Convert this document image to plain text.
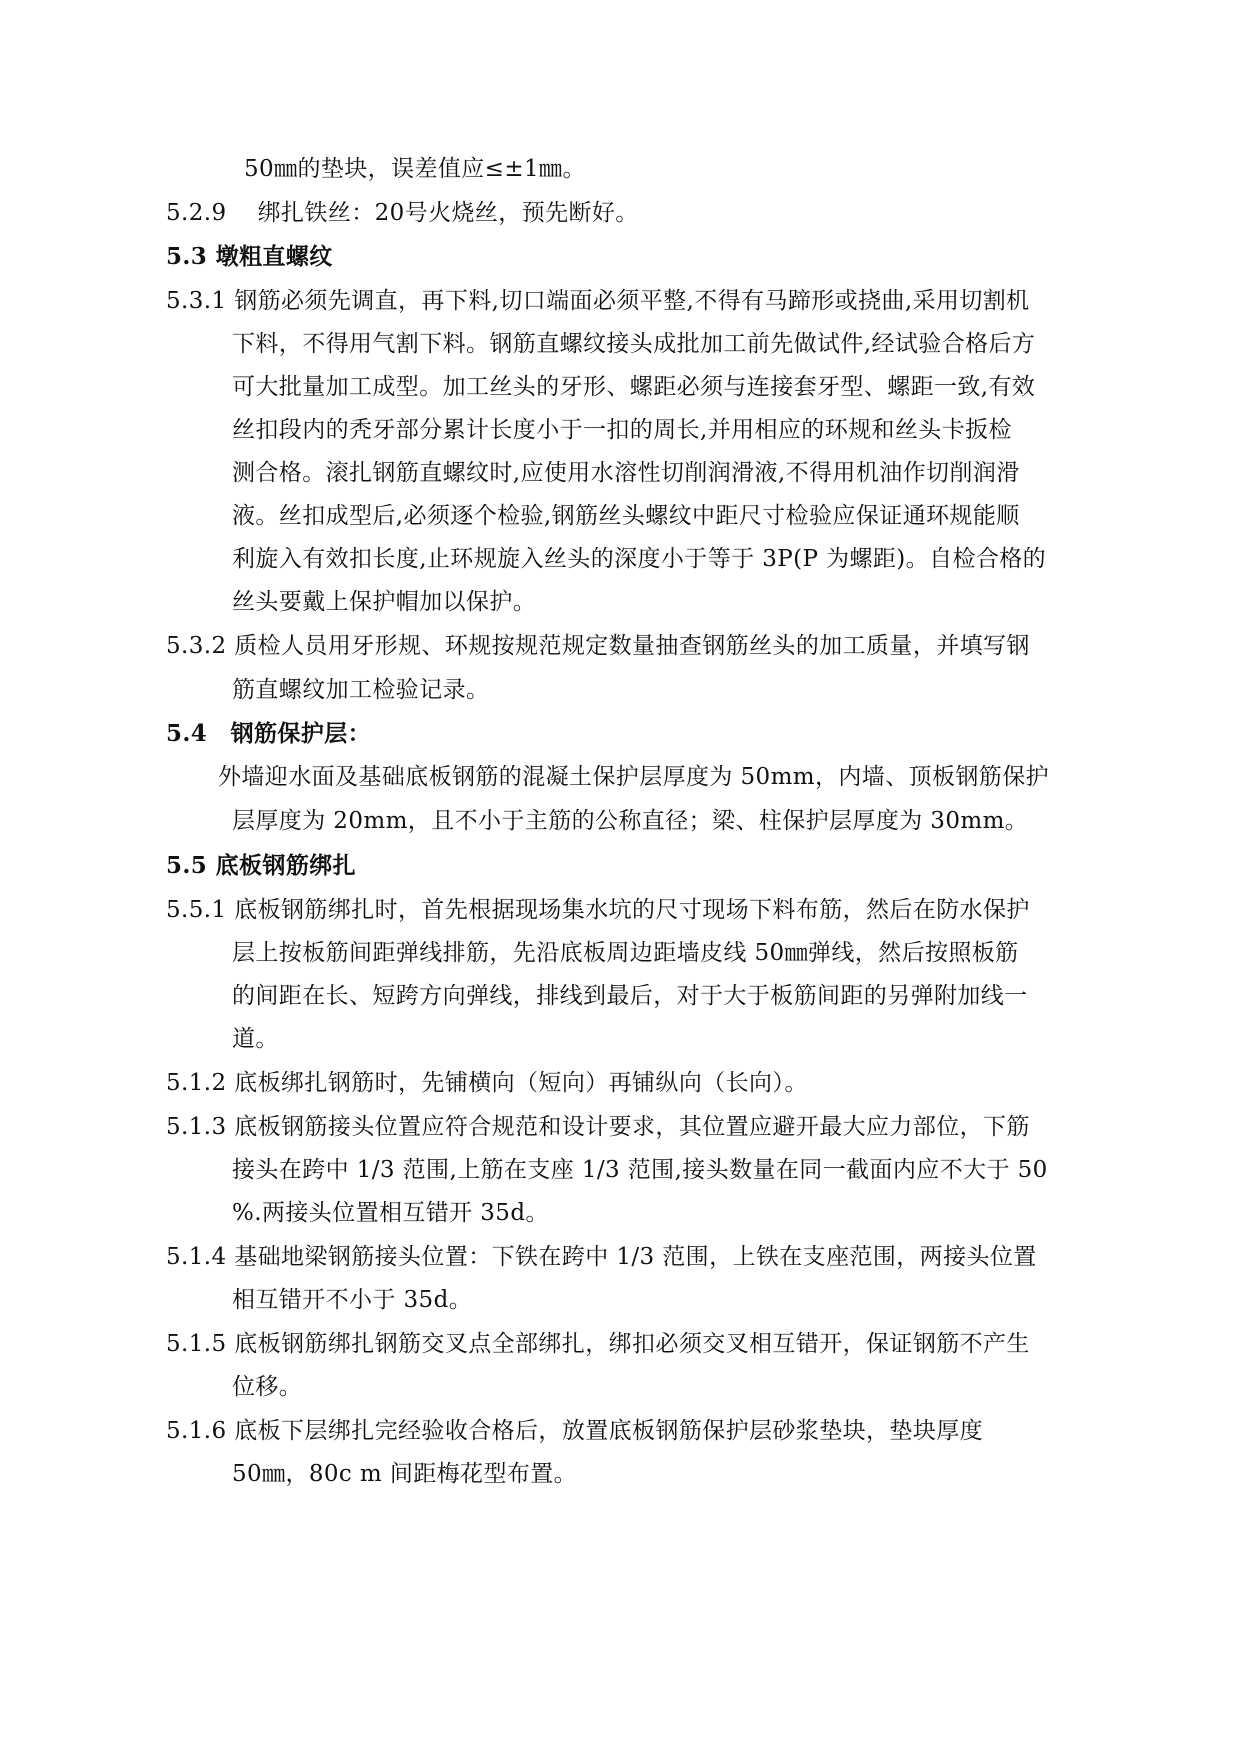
50㎜的垫块，误差值应≤±1㎜。
5.2.9　 绑扎铁丝：20号火烧丝，预先断好。
5.3 墩粗直螺纹
5.3.1 钢筋必须先调直，再下料,切口端面必须平整,不得有马蹄形或挠曲,采用切割机
下料，不得用气割下料。钢筋直螺纹接头成批加工前先做试件,经试验合格后方
可大批量加工成型。加工丝头的牙形、螺距必须与连接套牙型、螺距一致,有效
丝扣段内的秃牙部分累计长度小于一扣的周长,并用相应的环规和丝头卡扳检
测合格。滚扎钢筋直螺纹时,应使用水溶性切削润滑液,不得用机油作切削润滑
液。丝扣成型后,必须逐个检验,钢筋丝头螺纹中距尺寸检验应保证通环规能顺
利旋入有效扣长度,止环规旋入丝头的深度小于等于 3P(P 为螺距)。自检合格的
丝头要戴上保护帽加以保护。
5.3.2 质检人员用牙形规、环规按规范规定数量抽查钢筋丝头的加工质量，并填写钢
筋直螺纹加工检验记录。
5.4　钢筋保护层：
外墙迎水面及基础底板钢筋的混凝土保护层厚度为 50mm，内墙、顶板钢筋保护
层厚度为 20mm，且不小于主筋的公称直径；梁、柱保护层厚度为 30mm。
5.5 底板钢筋绑扎
5.5.1 底板钢筋绑扎时，首先根据现场集水坑的尺寸现场下料布筋，然后在防水保护
层上按板筋间距弹线排筋，先沿底板周边距墙皮线 50㎜弹线，然后按照板筋
的间距在长、短跨方向弹线，排线到最后，对于大于板筋间距的另弹附加线一
道。
5.1.2 底板绑扎钢筋时，先铺横向（短向）再铺纵向（长向）。
5.1.3 底板钢筋接头位置应符合规范和设计要求，其位置应避开最大应力部位，下筋
接头在跨中 1/3 范围,上筋在支座 1/3 范围,接头数量在同一截面内应不大于 50
%.两接头位置相互错开 35d。
5.1.4 基础地梁钢筋接头位置：下铁在跨中 1/3 范围，上铁在支座范围，两接头位置
相互错开不小于 35d。
5.1.5 底板钢筋绑扎钢筋交叉点全部绑扎，绑扣必须交叉相互错开，保证钢筋不产生
位移。
5.1.6 底板下层绑扎完经验收合格后，放置底板钢筋保护层砂浆垫块，垫块厚度
50㎜，80c m 间距梅花型布置。
